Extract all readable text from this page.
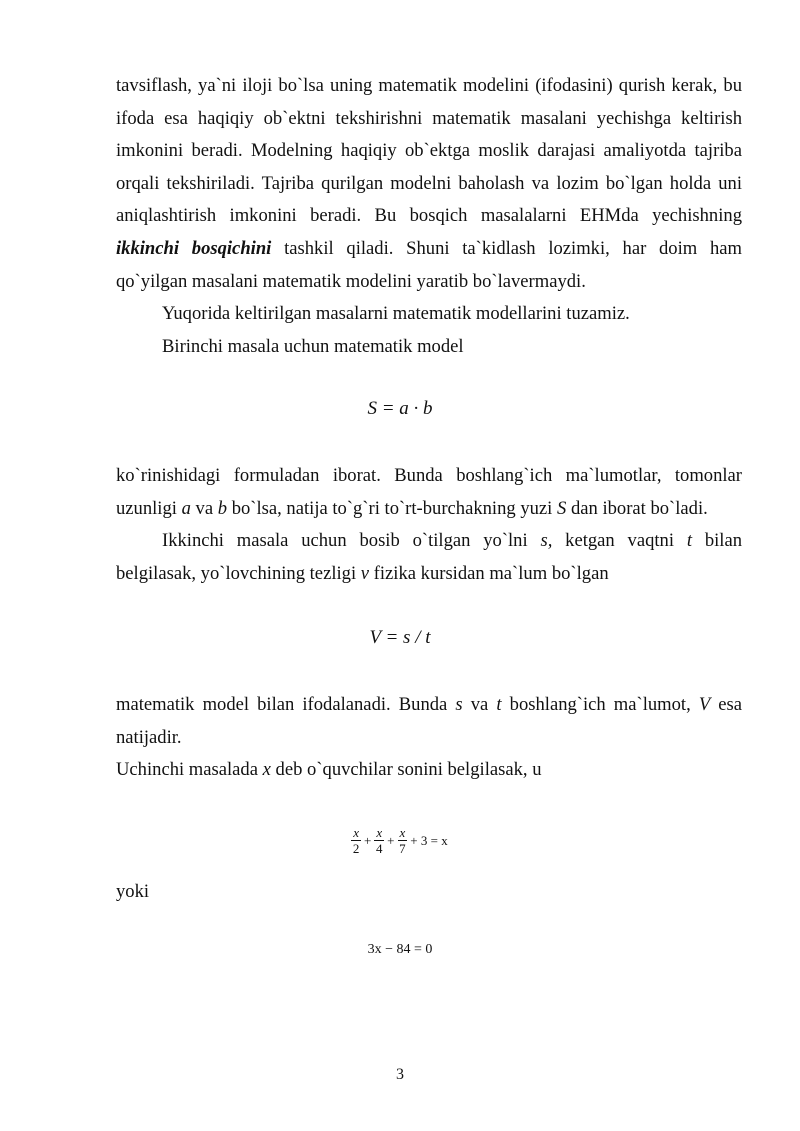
tavsiflash, ya`ni iloji bo`lsa uning matematik modelini (ifodasini) qurish kerak, bu

ifoda esa haqiqiy ob`ektni tekshirishni matematik masalani yechishga keltirish

imkonini beradi. Modelning haqiqiy ob`ektga moslik darajasi amaliyotda tajriba

orqali tekshiriladi. Tajriba qurilgan modelni baholash va lozim bo`lgan holda uni

aniqlashtirish imkonini beradi. Bu bosqich masalalarni EHMda yechishning

ikkinchi bosqichini tashkil qiladi. Shuni ta`kidlash lozimki, har doim ham

qo`yilgan masalani matematik modelini yaratib bo`lavermaydi.

Yuqorida keltirilgan masalarni matematik modellarini tuzamiz.

Birinchi masala uchun matematik model

S = a · b

ko`rinishidagi formuladan iborat. Bunda boshlang`ich ma`lumotlar, tomonlar

uzunligi a va b bo`lsa, natija to`g`ri to`rt-burchakning yuzi S dan iborat bo`ladi.

Ikkinchi masala uchun bosib o`tilgan yo`lni s, ketgan vaqtni t bilan

belgilasak, yo`lovchining tezligi v fizika kursidan ma`lum bo`lgan

V = s / t

matematik model bilan ifodalanadi. Bunda s va t boshlang`ich ma`lumot, V esa

natijadir.

Uchinchi masalada x deb o`quvchilar sonini belgilasak, u

$\frac{x}{2} + \frac{x}{4} + \frac{x}{7} + 3 = x$

yoki

3x − 84 = 0
3
